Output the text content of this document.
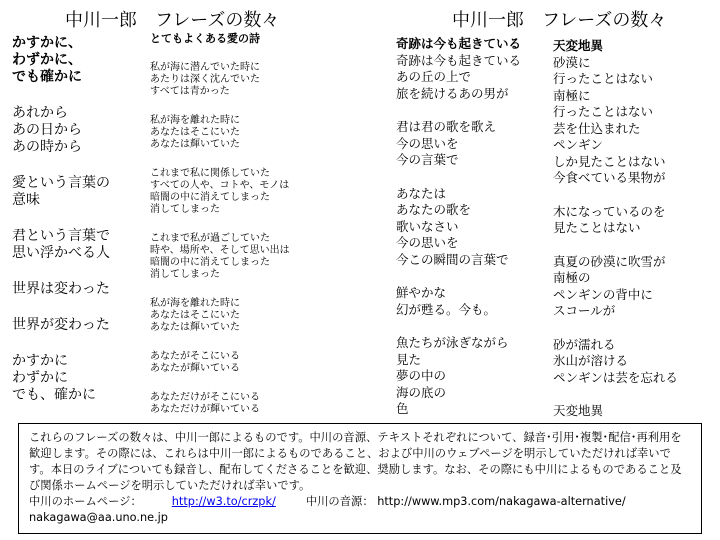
中川一郎　フレーズの数々	中川一郎　フレーズの数々
かすかに、
わずかに、
でも確かに
あれから
あの日から
あの時から
愛という言葉の
意味
君という言葉で
思い浮かべる人
世界は変わった
世界が変わった
かすかに
わずかに
でも、確かに
とてもよくある愛の詩
私が海に潜んでいた時に
あたりは深く沈んでいた
すべては青かった
私が海を離れた時に
あなたはそこにいた
あなたは輝いていた
これまで私に関係していた
すべての人や、コトや、モノは
暗闇の中に消えてしまった
消してしまった
これまで私が過ごしていた
時や、場所や、そして思い出は
暗闇の中に消えてしまった
消してしまった
私が海を離れた時に
あなたはそこにいた
あなたは輝いていた
あなたがそこにいる
あなたが輝いている
あなただけがそこにいる
あなただけが輝いている
奇跡は今も起きている
奇跡は今も起きている
あの丘の上で
旅を続けるあの男が
君は君の歌を歌え
今の思いを
今の言葉で
あなたは
あなたの歌を
歌いなさい
今の思いを
今この瞬間の言葉で
鮮やかな
幻が甦る。今も。
魚たちが泳ぎながら
見た
夢の中の
海の底の
色
天変地異
砂漠に
行ったことはない
南極に
行ったことはない
芸を仕込まれた
ペンギン
しか見たことはない
今食べている果物が
木になっているのを
見たことはない
真夏の砂漠に吹雪が
南極の
ペンギンの背中に
スコールが
砂が濡れる
氷山が溶ける
ペンギンは芸を忘れる
天変地異
これらのフレーズの数々は、中川一郎によるものです。中川の音源、テキストそれぞれについて、録音･引用･複製･配信･再利用を歓迎します。その際には、これらは中川一郎によるものであること、および中川のウェブページを明示していただければ幸いです。本日のライブについても録音し、配布してくださることを歓迎、奨励します。なお、その際にも中川によるものであること及び関係ホームページを明示していただければ幸いです。
中川のホームページ：	http://w3.to/crzpk/	中川の音源： http://www.mp3.com/nakagawa-alternative/
nakagawa@aa.uno.ne.jp
